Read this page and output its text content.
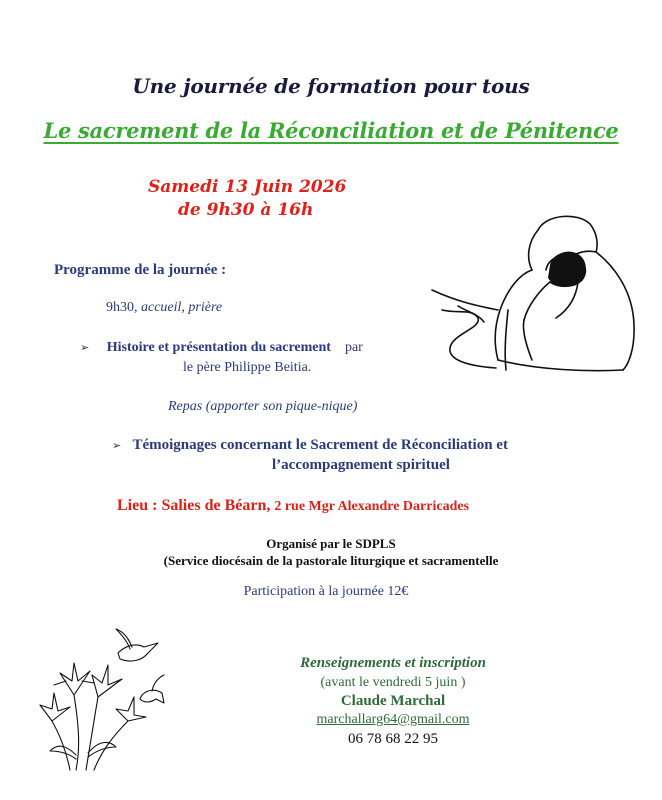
Une journée de formation pour tous
Le sacrement de la Réconciliation et de Pénitence
Samedi 13 Juin 2026
de 9h30 à 16h
Programme de la journée :
9h30, accueil, prière
➢ Histoire et présentation du sacrement par
le père Philippe Beitia.
Repas (apporter son pique-nique)
➢ Témoignages concernant le Sacrement de Réconciliation et
l’accompagnement spirituel
Lieu : Salies de Béarn, 2 rue Mgr Alexandre Darricades
Organisé par le SDPLS
(Service diocésain de la pastorale liturgique et sacramentelle
Participation à la journée 12€
Renseignements et inscription
(avant le vendredi 5 juin )
Claude Marchal
marchallarg64@gmail.com
06 78 68 22 95
